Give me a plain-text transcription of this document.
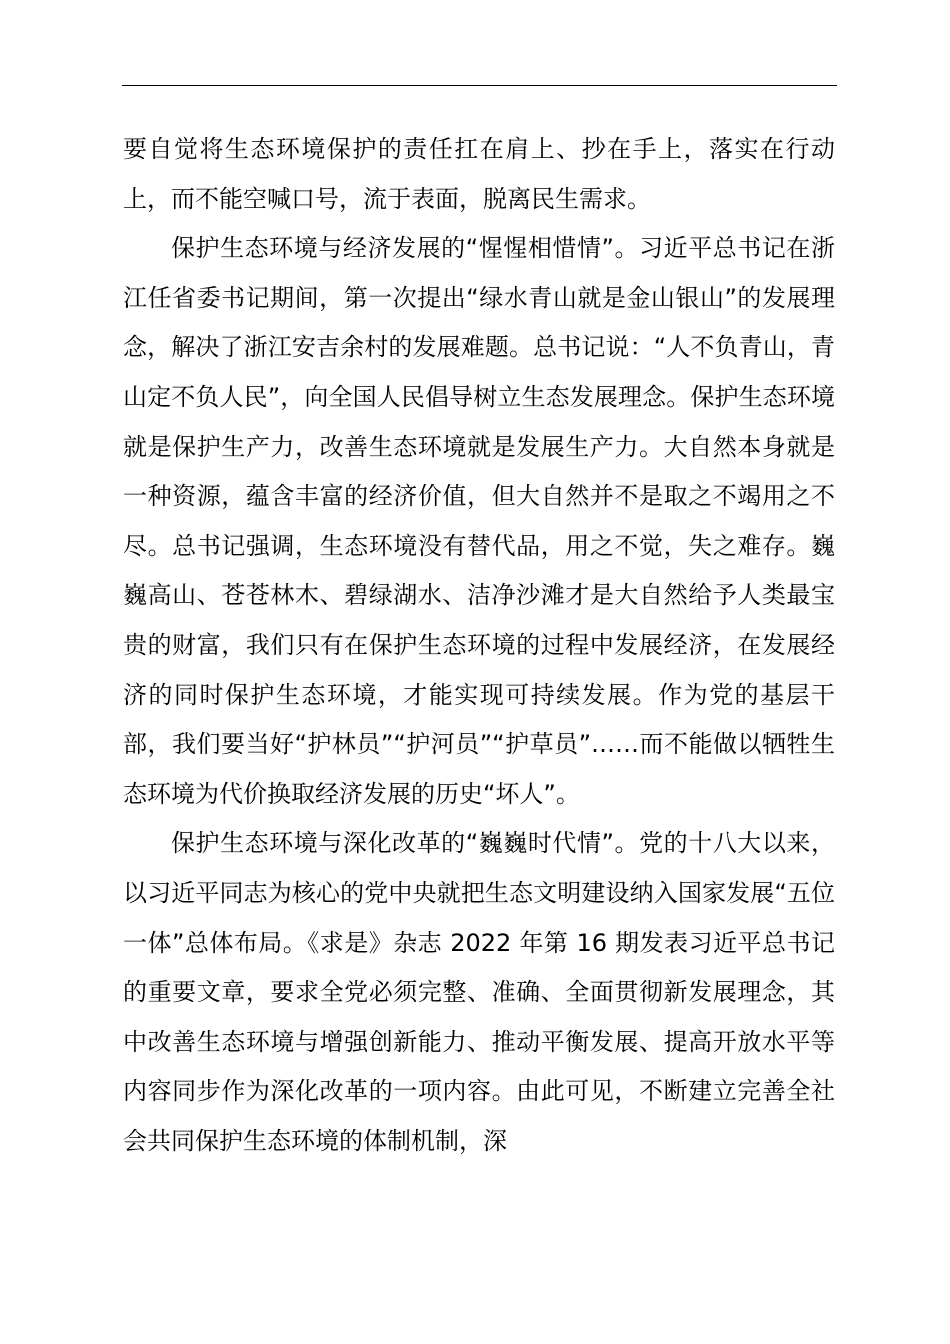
要自觉将生态环境保护的责任扛在肩上、抄在手上，落实在行动上，而不能空喊口号，流于表面，脱离民生需求。

保护生态环境与经济发展的“惺惺相惜情”。习近平总书记在浙江任省委书记期间，第一次提出“绿水青山就是金山银山”的发展理念，解决了浙江安吉余村的发展难题。总书记说：“人不负青山，青山定不负人民”，向全国人民倡导树立生态发展理念。保护生态环境就是保护生产力，改善生态环境就是发展生产力。大自然本身就是一种资源，蕴含丰富的经济价值，但大自然并不是取之不竭用之不尽。总书记强调，生态环境没有替代品，用之不觉，失之难存。巍巍高山、苍苍林木、碧绿湖水、洁净沙滩才是大自然给予人类最宝贵的财富，我们只有在保护生态环境的过程中发展经济，在发展经济的同时保护生态环境，才能实现可持续发展。作为党的基层干部，我们要当好“护林员”“护河员”“护草员”……而不能做以牺牲生态环境为代价换取经济发展的历史“坏人”。

保护生态环境与深化改革的“巍巍时代情”。党的十八大以来，以习近平同志为核心的党中央就把生态文明建设纳入国家发展“五位一体”总体布局。《求是》杂志 2022 年第 16 期发表习近平总书记的重要文章，要求全党必须完整、准确、全面贯彻新发展理念，其中改善生态环境与增强创新能力、推动平衡发展、提高开放水平等内容同步作为深化改革的一项内容。由此可见，不断建立完善全社会共同保护生态环境的体制机制，深
